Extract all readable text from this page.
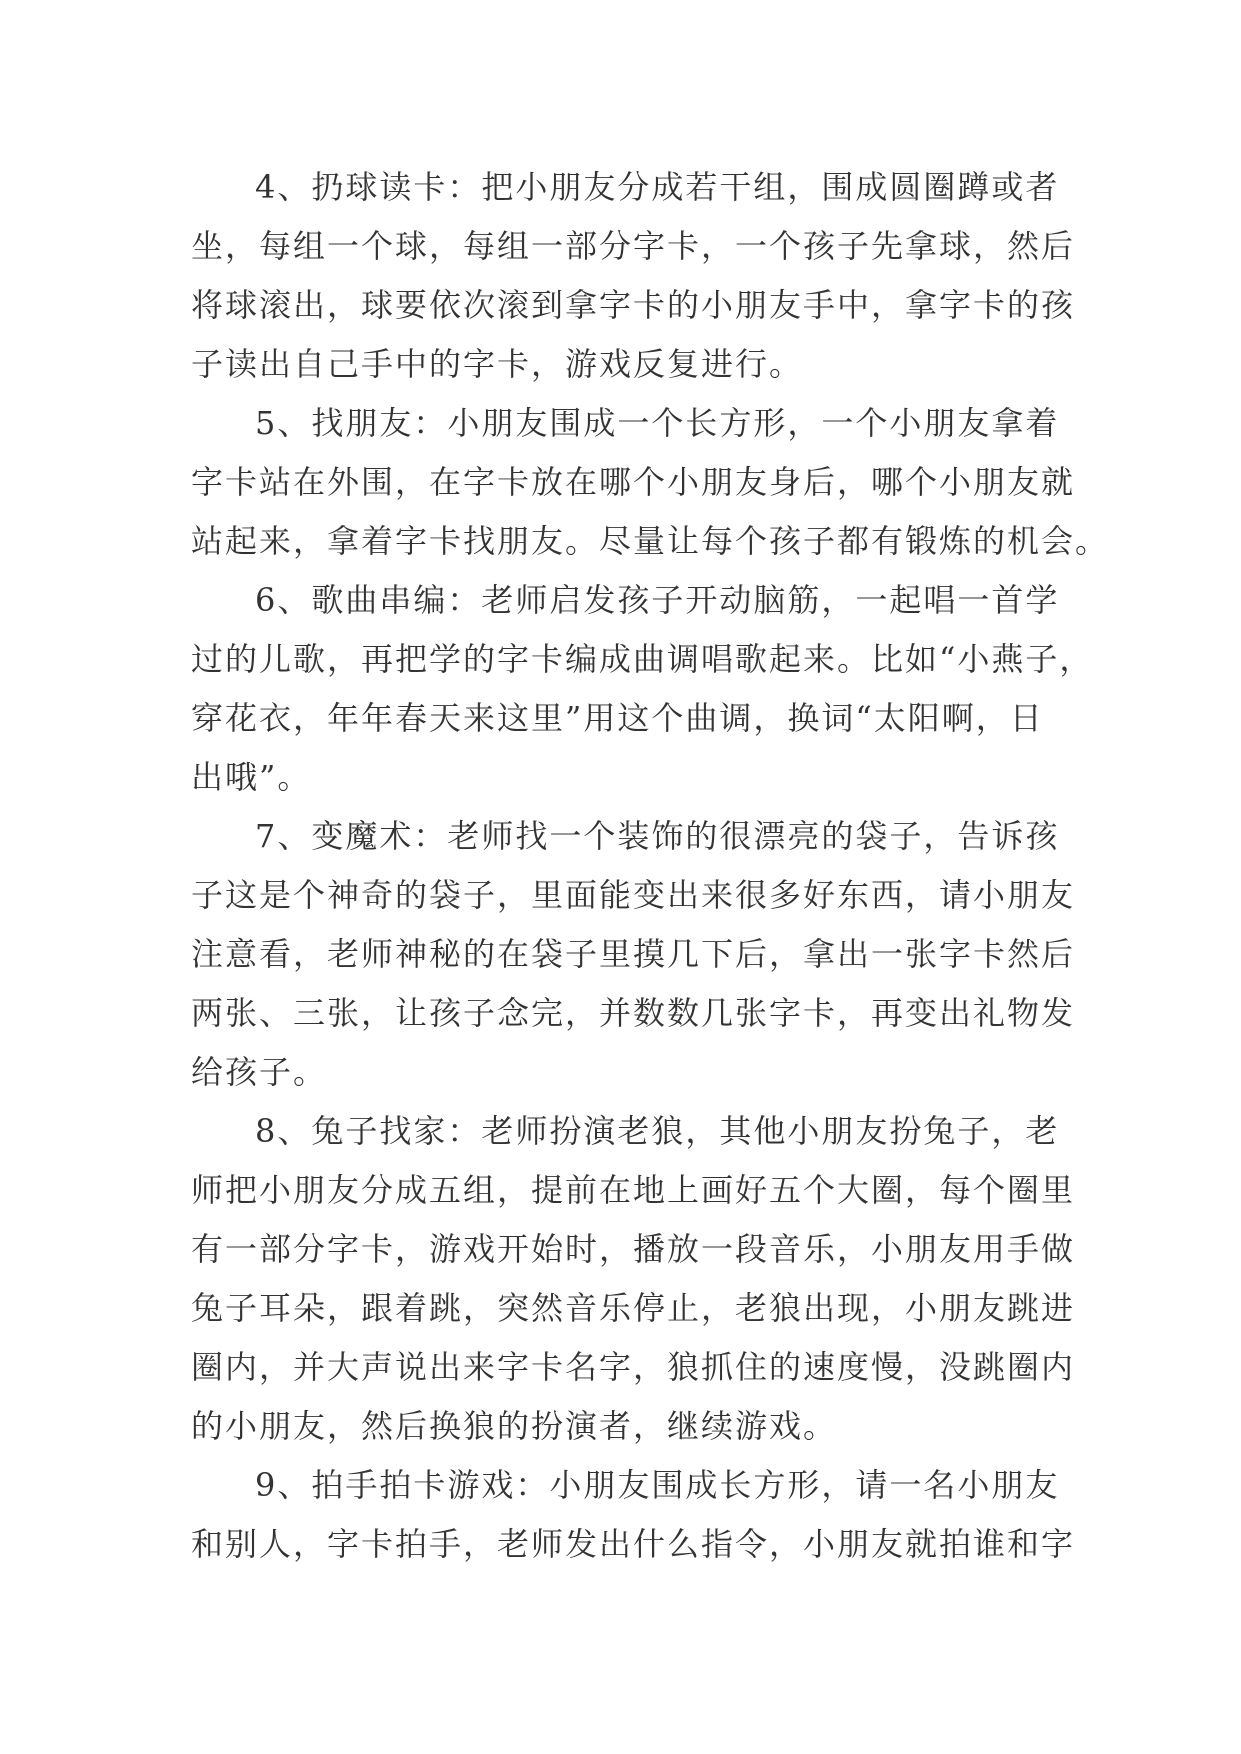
4、扔球读卡：把小朋友分成若干组，围成圆圈蹲或者
坐，每组一个球，每组一部分字卡，一个孩子先拿球，然后
将球滚出，球要依次滚到拿字卡的小朋友手中，拿字卡的孩
子读出自己手中的字卡，游戏反复进行。
5、找朋友：小朋友围成一个长方形，一个小朋友拿着
字卡站在外围，在字卡放在哪个小朋友身后，哪个小朋友就
站起来，拿着字卡找朋友。尽量让每个孩子都有锻炼的机会。
6、歌曲串编：老师启发孩子开动脑筋，一起唱一首学
过的儿歌，再把学的字卡编成曲调唱歌起来。比如“小燕子，
穿花衣，年年春天来这里”用这个曲调，换词“太阳啊，日
出哦”。
7、变魔术：老师找一个装饰的很漂亮的袋子，告诉孩
子这是个神奇的袋子，里面能变出来很多好东西，请小朋友
注意看，老师神秘的在袋子里摸几下后，拿出一张字卡然后
两张、三张，让孩子念完，并数数几张字卡，再变出礼物发
给孩子。
8、兔子找家：老师扮演老狼，其他小朋友扮兔子，老
师把小朋友分成五组，提前在地上画好五个大圈，每个圈里
有一部分字卡，游戏开始时，播放一段音乐，小朋友用手做
兔子耳朵，跟着跳，突然音乐停止，老狼出现，小朋友跳进
圈内，并大声说出来字卡名字，狼抓住的速度慢，没跳圈内
的小朋友，然后换狼的扮演者，继续游戏。
9、拍手拍卡游戏：小朋友围成长方形，请一名小朋友
和别人，字卡拍手，老师发出什么指令，小朋友就拍谁和字
